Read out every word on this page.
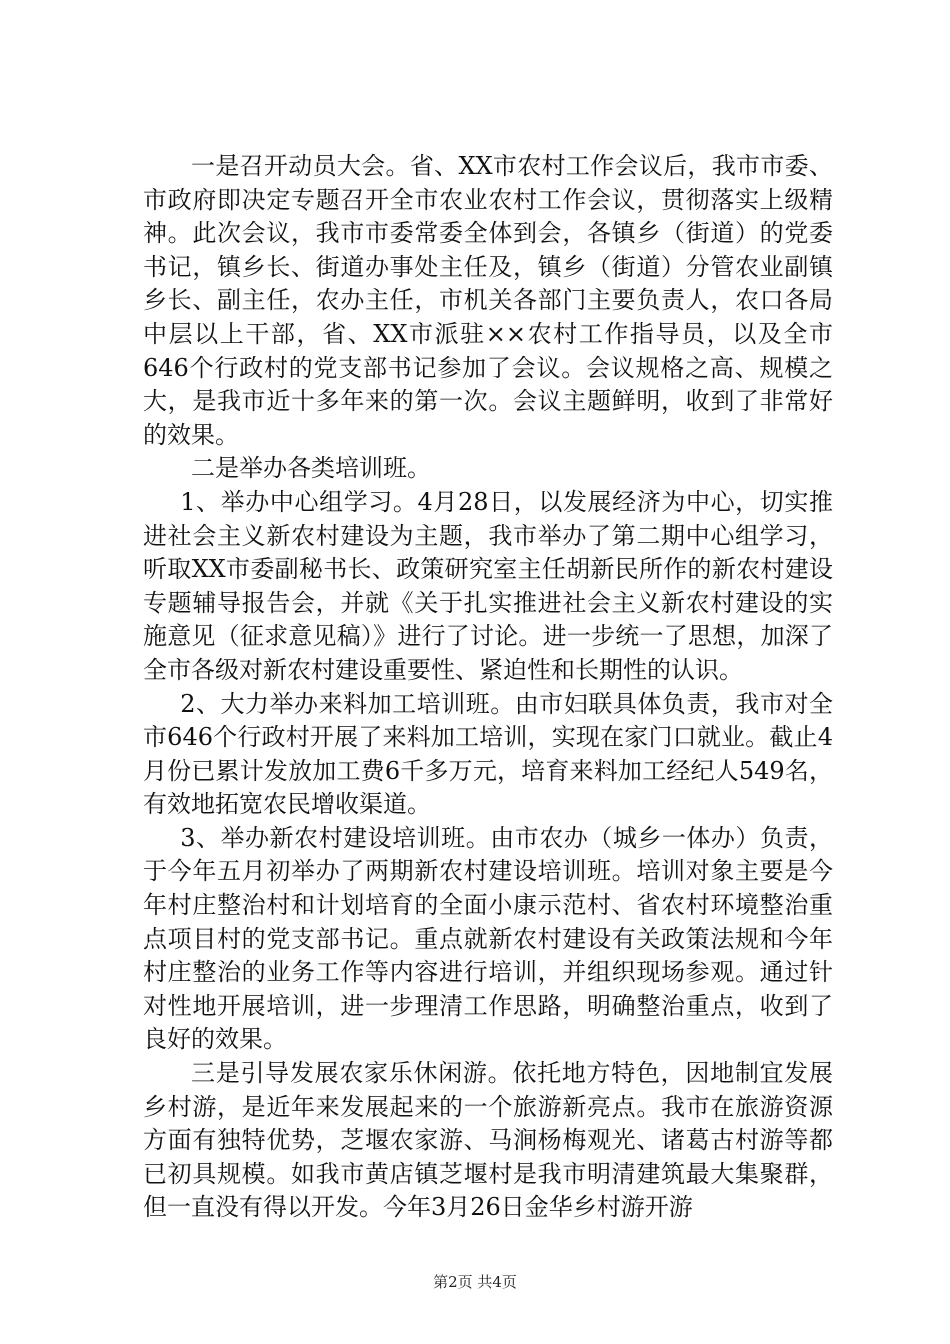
一是召开动员大会。省、XX市农村工作会议后，我市市委、市政府即决定专题召开全市农业农村工作会议，贯彻落实上级精神。此次会议，我市市委常委全体到会，各镇乡（街道）的党委书记，镇乡长、街道办事处主任及，镇乡（街道）分管农业副镇乡长、副主任，农办主任，市机关各部门主要负责人，农口各局中层以上干部，省、XX市派驻××农村工作指导员，以及全市646个行政村的党支部书记参加了会议。会议规格之高、规模之大，是我市近十多年来的第一次。会议主题鲜明，收到了非常好的效果。

二是举办各类培训班。

1、举办中心组学习。4月28日，以发展经济为中心，切实推进社会主义新农村建设为主题，我市举办了第二期中心组学习，听取XX市委副秘书长、政策研究室主任胡新民所作的新农村建设专题辅导报告会，并就《关于扎实推进社会主义新农村建设的实施意见（征求意见稿）》进行了讨论。进一步统一了思想，加深了全市各级对新农村建设重要性、紧迫性和长期性的认识。

2、大力举办来料加工培训班。由市妇联具体负责，我市对全市646个行政村开展了来料加工培训，实现在家门口就业。截止4月份已累计发放加工费6千多万元，培育来料加工经纪人549名，有效地拓宽农民增收渠道。

3、举办新农村建设培训班。由市农办（城乡一体办）负责，于今年五月初举办了两期新农村建设培训班。培训对象主要是今年村庄整治村和计划培育的全面小康示范村、省农村环境整治重点项目村的党支部书记。重点就新农村建设有关政策法规和今年村庄整治的业务工作等内容进行培训，并组织现场参观。通过针对性地开展培训，进一步理清工作思路，明确整治重点，收到了良好的效果。

三是引导发展农家乐休闲游。依托地方特色，因地制宜发展乡村游，是近年来发展起来的一个旅游新亮点。我市在旅游资源方面有独特优势，芝堰农家游、马涧杨梅观光、诸葛古村游等都已初具规模。如我市黄店镇芝堰村是我市明清建筑最大集聚群，但一直没有得以开发。今年3月26日金华乡村游开游

第2页 共4页
